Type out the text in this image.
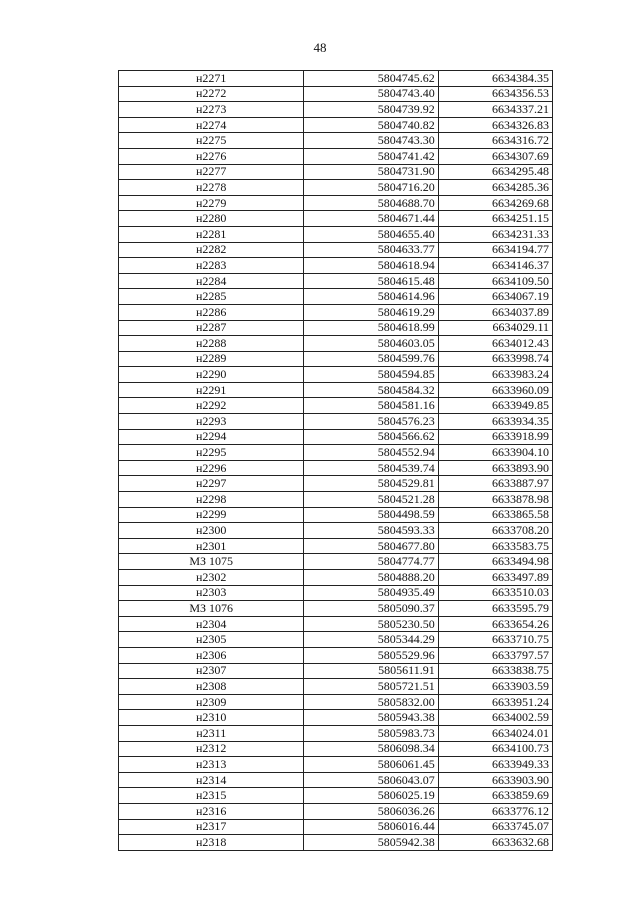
48
н2271	5804745.62	6634384.35
н2272	5804743.40	6634356.53
н2273	5804739.92	6634337.21
н2274	5804740.82	6634326.83
н2275	5804743.30	6634316.72
н2276	5804741.42	6634307.69
н2277	5804731.90	6634295.48
н2278	5804716.20	6634285.36
н2279	5804688.70	6634269.68
н2280	5804671.44	6634251.15
н2281	5804655.40	6634231.33
н2282	5804633.77	6634194.77
н2283	5804618.94	6634146.37
н2284	5804615.48	6634109.50
н2285	5804614.96	6634067.19
н2286	5804619.29	6634037.89
н2287	5804618.99	6634029.11
н2288	5804603.05	6634012.43
н2289	5804599.76	6633998.74
н2290	5804594.85	6633983.24
н2291	5804584.32	6633960.09
н2292	5804581.16	6633949.85
н2293	5804576.23	6633934.35
н2294	5804566.62	6633918.99
н2295	5804552.94	6633904.10
н2296	5804539.74	6633893.90
н2297	5804529.81	6633887.97
н2298	5804521.28	6633878.98
н2299	5804498.59	6633865.58
н2300	5804593.33	6633708.20
н2301	5804677.80	6633583.75
МЗ 1075	5804774.77	6633494.98
н2302	5804888.20	6633497.89
н2303	5804935.49	6633510.03
МЗ 1076	5805090.37	6633595.79
н2304	5805230.50	6633654.26
н2305	5805344.29	6633710.75
н2306	5805529.96	6633797.57
н2307	5805611.91	6633838.75
н2308	5805721.51	6633903.59
н2309	5805832.00	6633951.24
н2310	5805943.38	6634002.59
н2311	5805983.73	6634024.01
н2312	5806098.34	6634100.73
н2313	5806061.45	6633949.33
н2314	5806043.07	6633903.90
н2315	5806025.19	6633859.69
н2316	5806036.26	6633776.12
н2317	5806016.44	6633745.07
н2318	5805942.38	6633632.68
